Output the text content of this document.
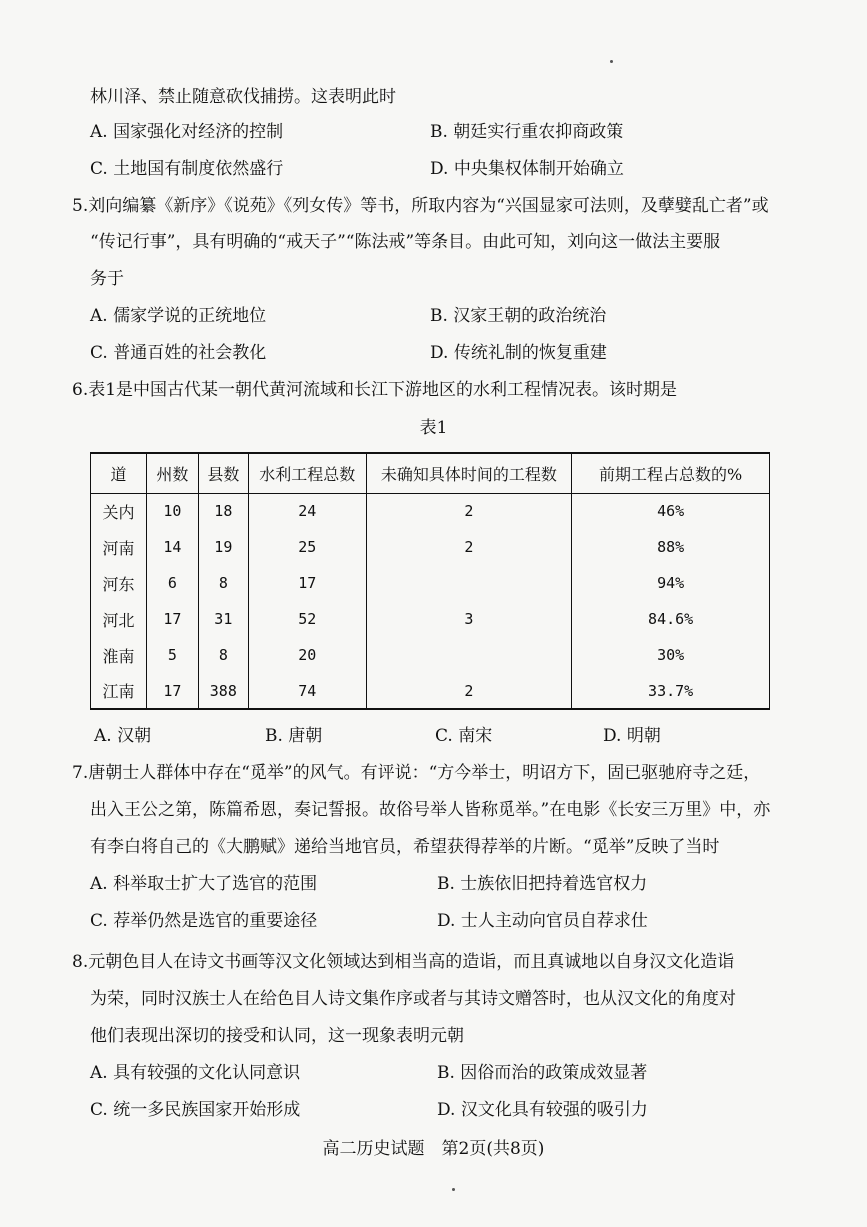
林川泽、禁止随意砍伐捕捞。这表明此时
A. 国家强化对经济的控制	B. 朝廷实行重农抑商政策
C. 土地国有制度依然盛行	D. 中央集权体制开始确立
5.刘向编纂《新序》《说苑》《列女传》等书，所取内容为“兴国显家可法则，及孽嬖乱亡者”或
“传记行事”，具有明确的“戒天子”“陈法戒”等条目。由此可知，刘向这一做法主要服
务于
A. 儒家学说的正统地位	B. 汉家王朝的政治统治
C. 普通百姓的社会教化	D. 传统礼制的恢复重建
6.表1是中国古代某一朝代黄河流域和长江下游地区的水利工程情况表。该时期是
表1
道	州数	县数	水利工程总数	未确知具体时间的工程数	前期工程占总数的%
关内	10	18	24	2	46%
河南	14	19	25	2	88%
河东	6	8	17		94%
河北	17	31	52	3	84.6%
淮南	5	8	20		30%
江南	17	388	74	2	33.7%
A. 汉朝	B. 唐朝	C. 南宋	D. 明朝
7.唐朝士人群体中存在“觅举”的风气。有评说：“方今举士，明诏方下，固已驱驰府寺之廷，
出入王公之第，陈篇希恩，奏记誓报。故俗号举人皆称觅举。”在电影《长安三万里》中，亦
有李白将自己的《大鹏赋》递给当地官员，希望获得荐举的片断。“觅举”反映了当时
A. 科举取士扩大了选官的范围	B. 士族依旧把持着选官权力
C. 荐举仍然是选官的重要途径	D. 士人主动向官员自荐求仕
8.元朝色目人在诗文书画等汉文化领域达到相当高的造诣，而且真诚地以自身汉文化造诣
为荣，同时汉族士人在给色目人诗文集作序或者与其诗文赠答时，也从汉文化的角度对
他们表现出深切的接受和认同，这一现象表明元朝
A. 具有较强的文化认同意识	B. 因俗而治的政策成效显著
C. 统一多民族国家开始形成	D. 汉文化具有较强的吸引力
高二历史试题　第2页(共8页)
